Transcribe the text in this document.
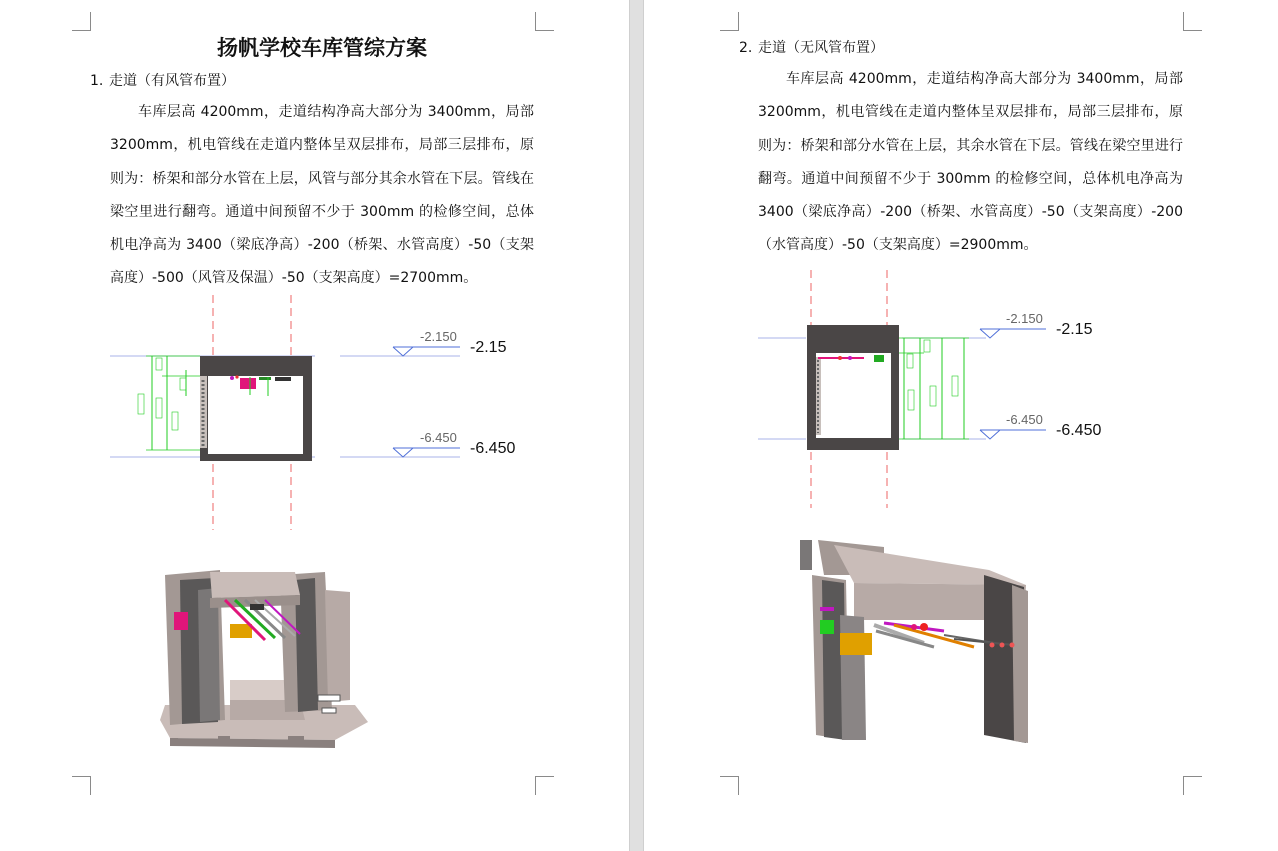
扬帆学校车库管综方案
1. 走道（有风管布置）

车库层高 4200mm，走道结构净高大部分为 3400mm，局部 3200mm，机电管线在走道内整体呈双层排布，局部三层排布，原则为：桥架和部分水管在上层，风管与部分其余水管在下层。管线在梁空里进行翻弯。通道中间预留不少于 300mm 的检修空间，总体机电净高为 3400（梁底净高）-200（桥架、水管高度）-50（支架高度）-500（风管及保温）-50（支架高度）=2700mm。

-2.150
-2.15
-6.450
-6.450
2. 走道（无风管布置）

车库层高 4200mm，走道结构净高大部分为 3400mm，局部 3200mm，机电管线在走道内整体呈双层排布，局部三层排布，原则为：桥架和部分水管在上层，其余水管在下层。管线在梁空里进行翻弯。通道中间预留不少于 300mm 的检修空间，总体机电净高为 3400（梁底净高）-200（桥架、水管高度）-50（支架高度）-200（水管高度）-50（支架高度）=2900mm。

-2.150
-2.15
-6.450
-6.450
